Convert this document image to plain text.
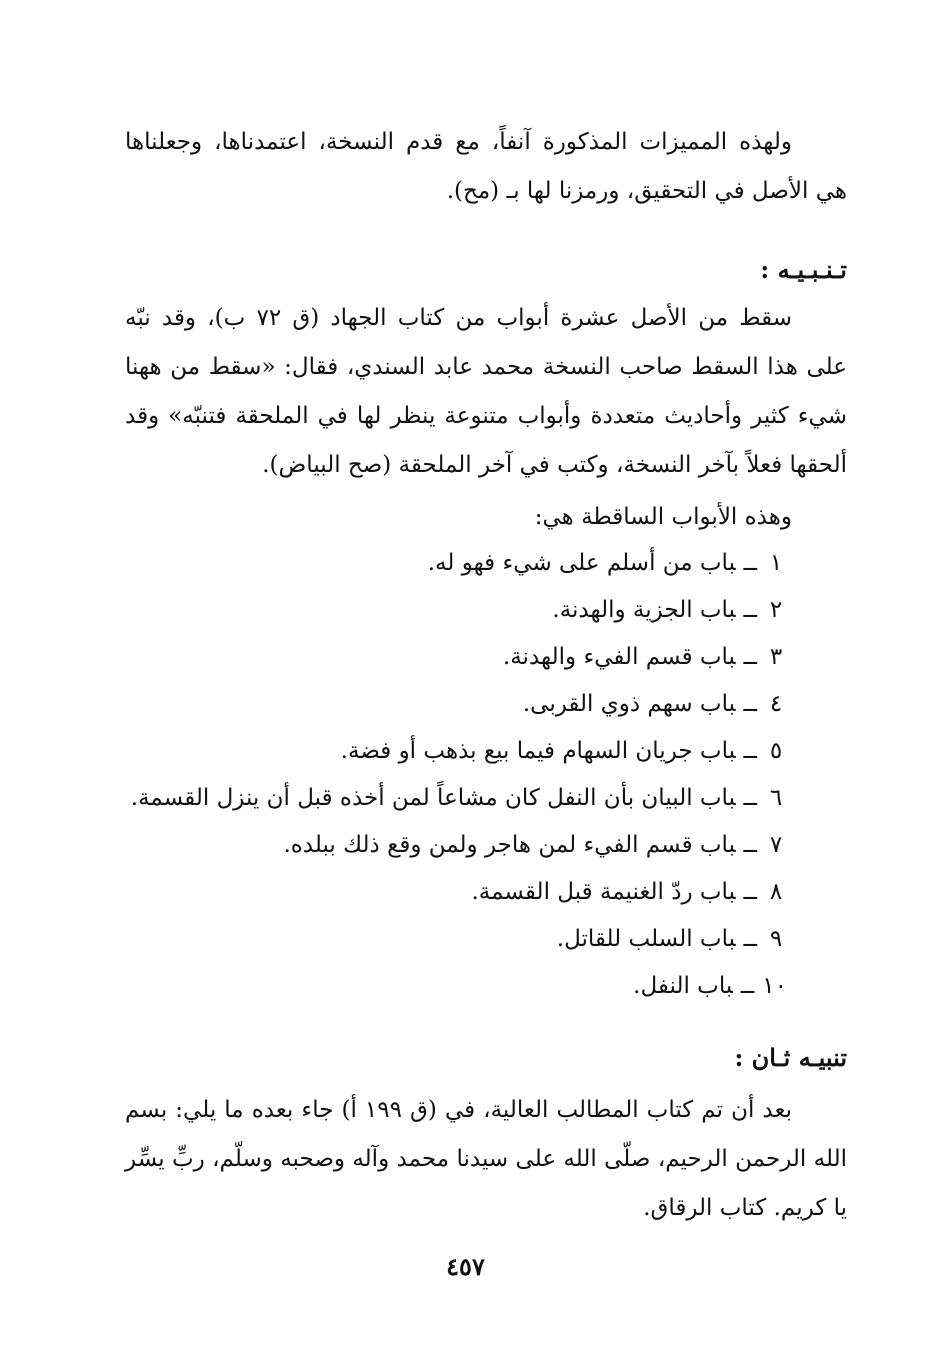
ولهذه المميزات المذكورة آنفاً، مع قدم النسخة، اعتمدناها، وجعلناها هي الأصل في التحقيق، ورمزنا لها بـ (مح).

تـنـبـيـه :

سقط من الأصل عشرة أبواب من كتاب الجهاد (ق ٧٢ ب)، وقد نبّه على هذا السقط صاحب النسخة محمد عابد السندي، فقال: «سقط من ههنا شيء كثير وأحاديث متعددة وأبواب متنوعة ينظر لها في الملحقة فتنبّه» وقد ألحقها فعلاً بآخر النسخة، وكتب في آخر الملحقة (صح البياض).

وهذه الأبواب الساقطة هي:

١ــباب من أسلم على شيء فهو له.
٢ــباب الجزية والهدنة.
٣ــباب قسم الفيء والهدنة.
٤ــباب سهم ذوي القربى.
٥ــباب جريان السهام فيما بيع بذهب أو فضة.
٦ــباب البيان بأن النفل كان مشاعاً لمن أخذه قبل أن ينزل القسمة.
٧ــباب قسم الفيء لمن هاجر ولمن وقع ذلك ببلده.
٨ــباب ردّ الغنيمة قبل القسمة.
٩ــباب السلب للقاتل.
١٠ــباب النفل.
تنبيـه ثـان :

بعد أن تم كتاب المطالب العالية، في (ق ١٩٩ أ) جاء بعده ما يلي: بسم الله الرحمن الرحيم، صلّى الله على سيدنا محمد وآله وصحبه وسلّم، ربِّ يسِّر يا كريم. كتاب الرقاق.

٤٥٧
